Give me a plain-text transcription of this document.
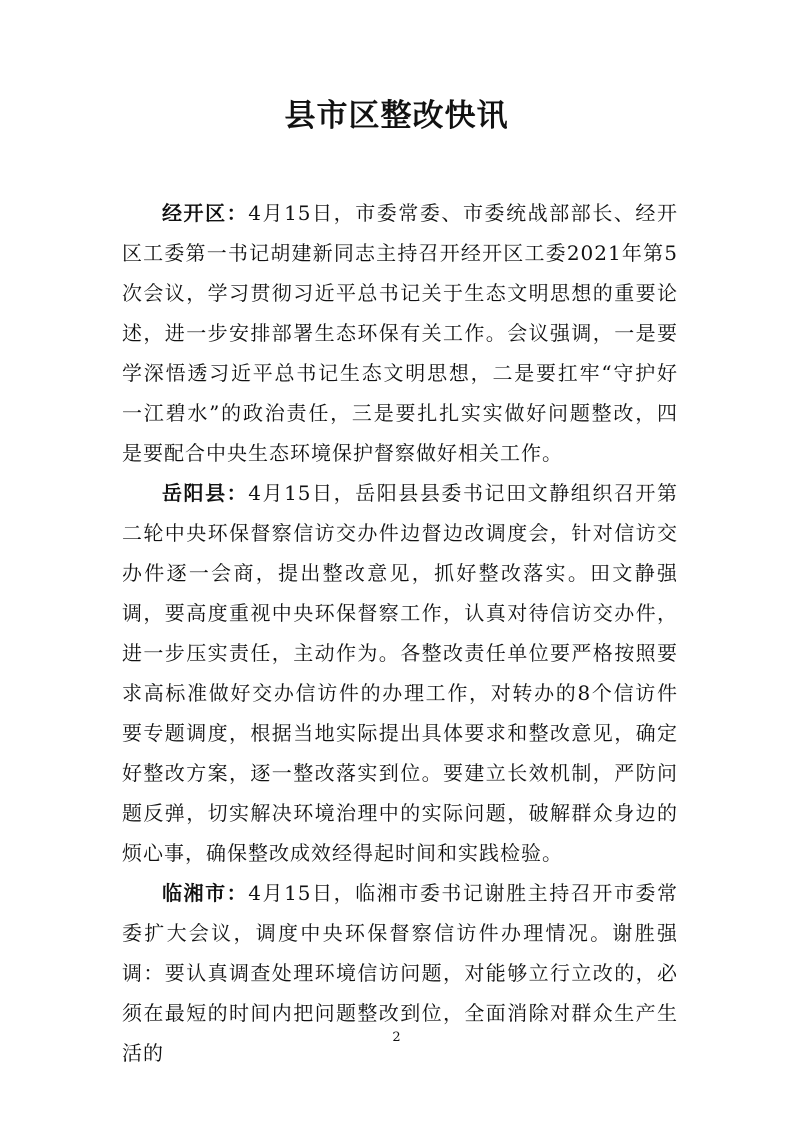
县市区整改快讯

经开区：4月15日，市委常委、市委统战部部长、经开区工委第一书记胡建新同志主持召开经开区工委2021年第5次会议，学习贯彻习近平总书记关于生态文明思想的重要论述，进一步安排部署生态环保有关工作。会议强调，一是要学深悟透习近平总书记生态文明思想，二是要扛牢“守护好一江碧水”的政治责任，三是要扎扎实实做好问题整改，四是要配合中央生态环境保护督察做好相关工作。

岳阳县：4月15日，岳阳县县委书记田文静组织召开第二轮中央环保督察信访交办件边督边改调度会，针对信访交办件逐一会商，提出整改意见，抓好整改落实。田文静强调，要高度重视中央环保督察工作，认真对待信访交办件，进一步压实责任，主动作为。各整改责任单位要严格按照要求高标准做好交办信访件的办理工作，对转办的8个信访件要专题调度，根据当地实际提出具体要求和整改意见，确定好整改方案，逐一整改落实到位。要建立长效机制，严防问题反弹，切实解决环境治理中的实际问题，破解群众身边的烦心事，确保整改成效经得起时间和实践检验。

临湘市：4月15日，临湘市委书记谢胜主持召开市委常委扩大会议，调度中央环保督察信访件办理情况。谢胜强调：要认真调查处理环境信访问题，对能够立行立改的，必须在最短的时间内把问题整改到位，全面消除对群众生产生活的

2
